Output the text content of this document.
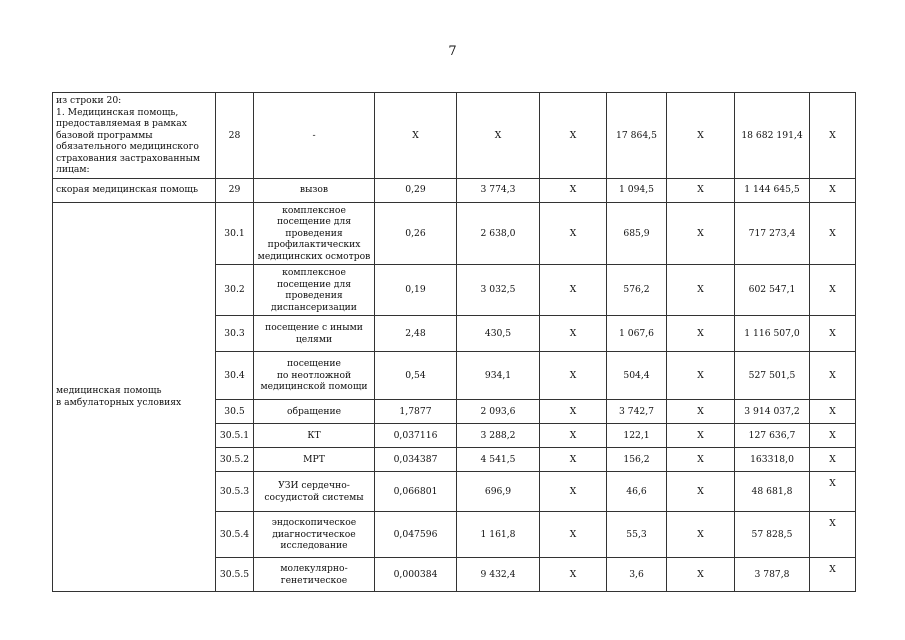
7
из строки 20:
1. Медицинская помощь, предоставляемая в рамках базовой программы обязательного медицинского страхования застрахованным лицам:	28	-	Х	Х	Х	17 864,5	Х	18 682 191,4	Х
скорая медицинская помощь	29	вызов	0,29	3 774,3	Х	1 094,5	Х	1 144 645,5	Х
медицинская помощь
в амбулаторных условиях	30.1	комплексное посещение для проведения профилактических медицинских осмотров	0,26	2 638,0	Х	685,9	Х	717 273,4	Х
	30.2	комплексное посещение для проведения диспансеризации	0,19	3 032,5	Х	576,2	Х	602 547,1	Х
	30.3	посещение с иными целями	2,48	430,5	Х	1 067,6	Х	1 116 507,0	Х
	30.4	посещение
по неотложной медицинской помощи	0,54	934,1	Х	504,4	Х	527 501,5	Х
	30.5	обращение	1,7877	2 093,6	Х	3 742,7	Х	3 914 037,2	Х
	30.5.1	КТ	0,037116	3 288,2	Х	122,1	Х	127 636,7	Х
	30.5.2	МРТ	0,034387	4 541,5	Х	156,2	Х	163318,0	Х
	30.5.3	УЗИ сердечно-
сосудистой системы	0,066801	696,9	Х	46,6	Х	48 681,8	Х
	30.5.4	эндоскопическое диагностическое исследование	0,047596	1 161,8	Х	55,3	Х	57 828,5	Х
	30.5.5	молекулярно-
генетическое	0,000384	9 432,4	Х	3,6	Х	3 787,8	Х
